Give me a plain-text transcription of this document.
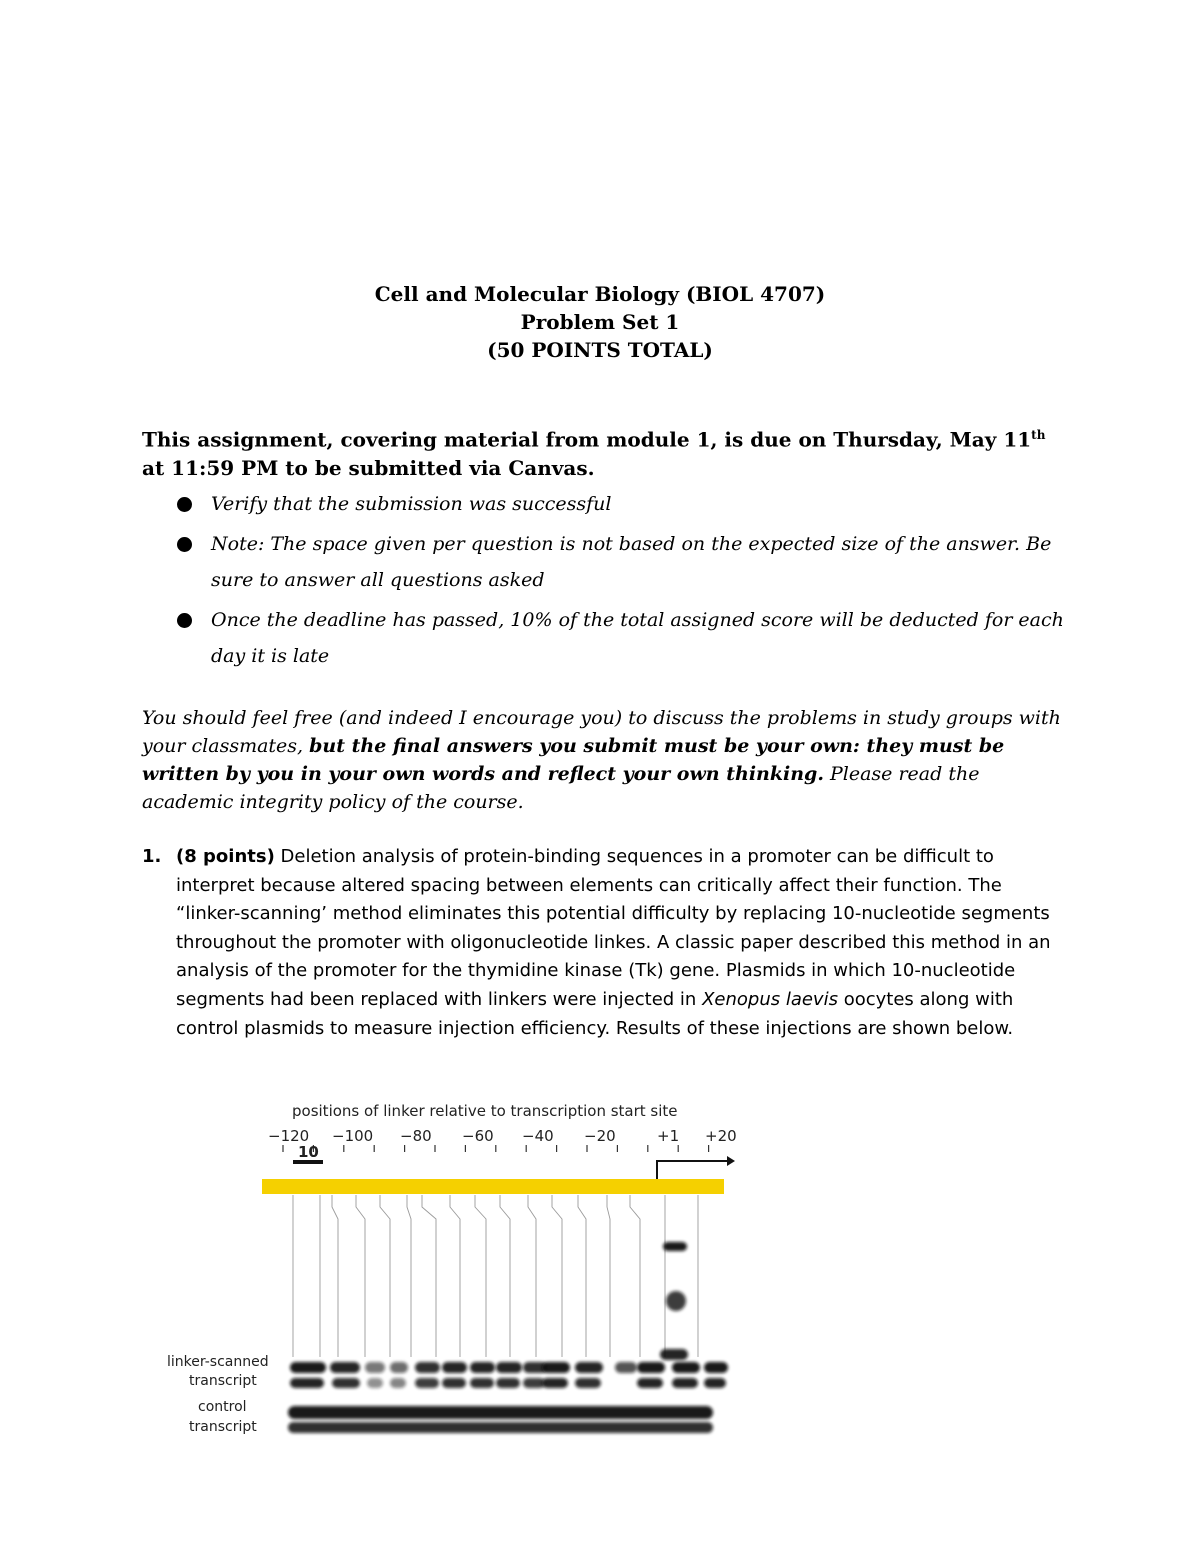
Cell and Molecular Biology (BIOL 4707)
Problem Set 1
(50 POINTS TOTAL)
This assignment, covering material from module 1, is due on Thursday, May 11th at 11:59 PM to be submitted via Canvas.
Verify that the submission was successful
Note: The space given per question is not based on the expected size of the answer. Be sure to answer all questions asked
Once the deadline has passed, 10% of the total assigned score will be deducted for each day it is late
You should feel free (and indeed I encourage you) to discuss the problems in study groups with your classmates, but the final answers you submit must be your own: they must be written by you in your own words and reflect your own thinking. Please read the academic integrity policy of the course.
1. (8 points) Deletion analysis of protein-binding sequences in a promoter can be difficult to interpret because altered spacing between elements can critically affect their function. The “linker-scanning’ method eliminates this potential difficulty by replacing 10-nucleotide segments throughout the promoter with oligonucleotide linkes. A classic paper described this method in an analysis of the promoter for the thymidine kinase (Tk) gene. Plasmids in which 10-nucleotide segments had been replaced with linkers were injected in Xenopus laevis oocytes along with control plasmids to measure injection efficiency. Results of these injections are shown below.
positions of linker relative to transcription start site
−120 −100 −80 −60 −40 −20	+1 +20
10
linker-scanned
transcript
control
transcript
